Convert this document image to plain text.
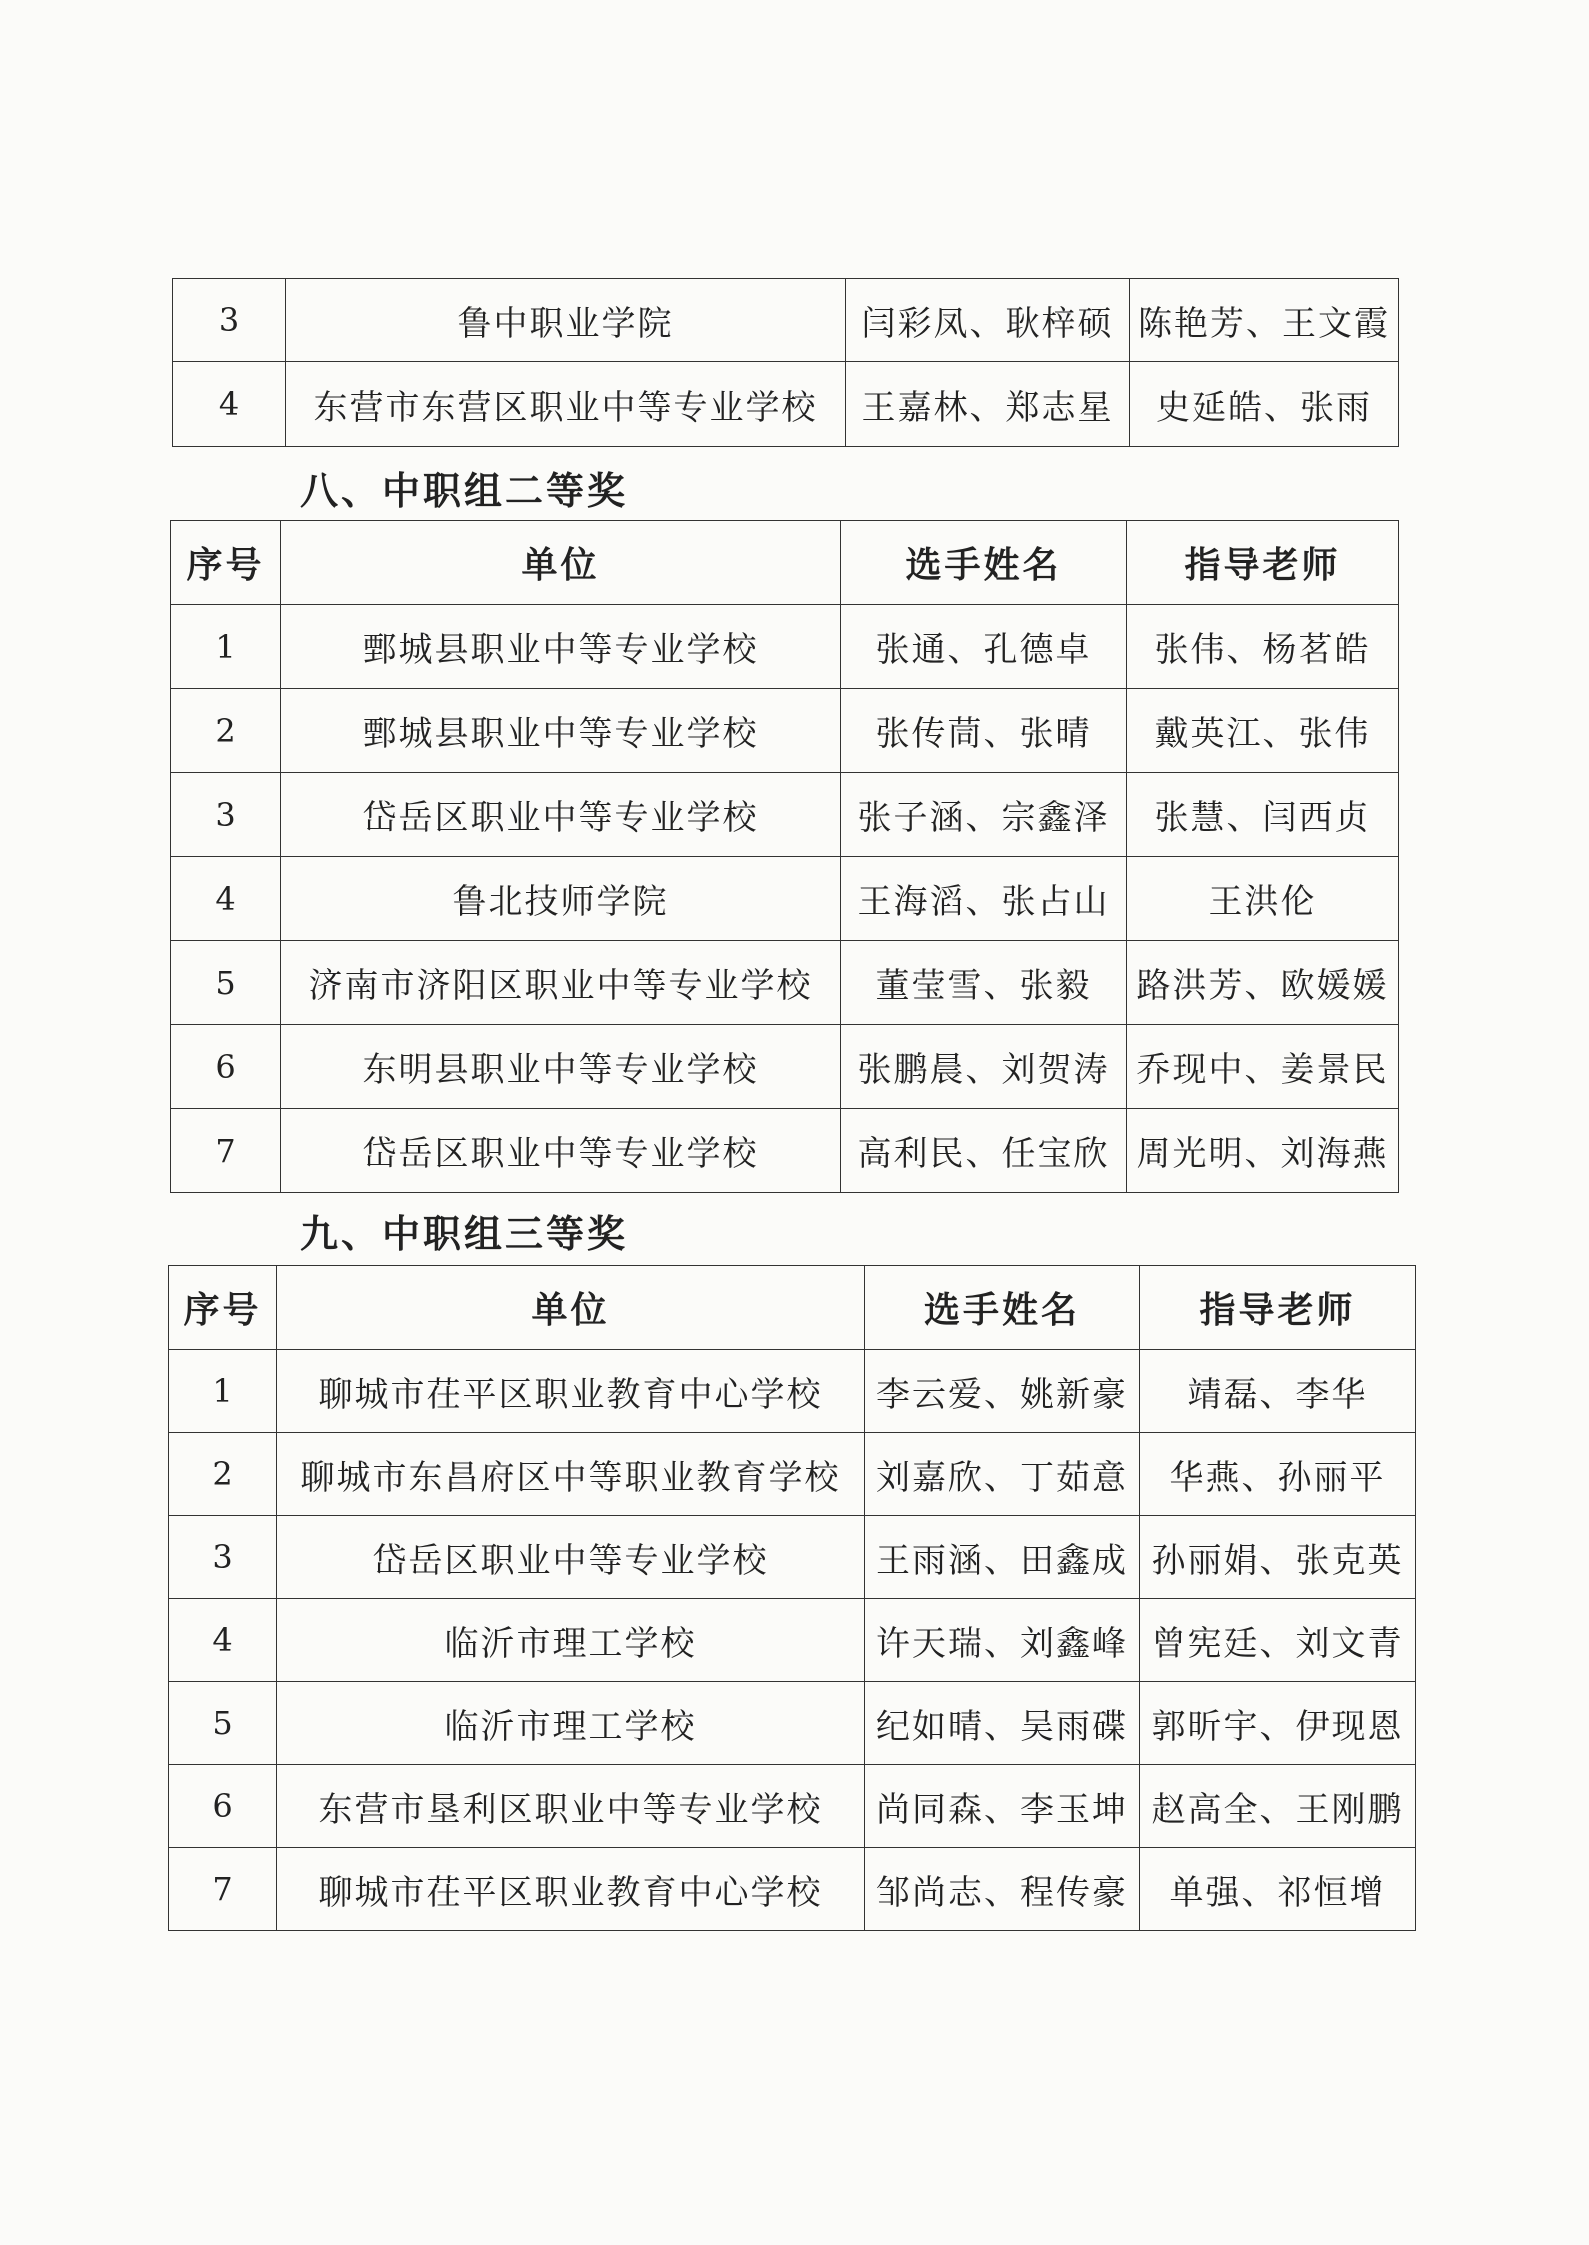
3	鲁中职业学院	闫彩凤、耿梓硕	陈艳芳、王文霞
4	东营市东营区职业中等专业学校	王嘉林、郑志星	史延皓、张雨
八、中职组二等奖
序号	单位	选手姓名	指导老师
1	鄄城县职业中等专业学校	张通、孔德卓	张伟、杨茗皓
2	鄄城县职业中等专业学校	张传茼、张晴	戴英江、张伟
3	岱岳区职业中等专业学校	张子涵、宗鑫泽	张慧、闫西贞
4	鲁北技师学院	王海滔、张占山	王洪伦
5	济南市济阳区职业中等专业学校	董莹雪、张毅	路洪芳、欧媛媛
6	东明县职业中等专业学校	张鹏晨、刘贺涛	乔现中、姜景民
7	岱岳区职业中等专业学校	高利民、任宝欣	周光明、刘海燕
九、中职组三等奖
序号	单位	选手姓名	指导老师
1	聊城市茌平区职业教育中心学校	李云爱、姚新豪	靖磊、李华
2	聊城市东昌府区中等职业教育学校	刘嘉欣、丁茹意	华燕、孙丽平
3	岱岳区职业中等专业学校	王雨涵、田鑫成	孙丽娟、张克英
4	临沂市理工学校	许天瑞、刘鑫峰	曾宪廷、刘文青
5	临沂市理工学校	纪如晴、吴雨碟	郭昕宇、伊现恩
6	东营市垦利区职业中等专业学校	尚同森、李玉坤	赵高全、王刚鹏
7	聊城市茌平区职业教育中心学校	邹尚志、程传豪	单强、祁恒增
